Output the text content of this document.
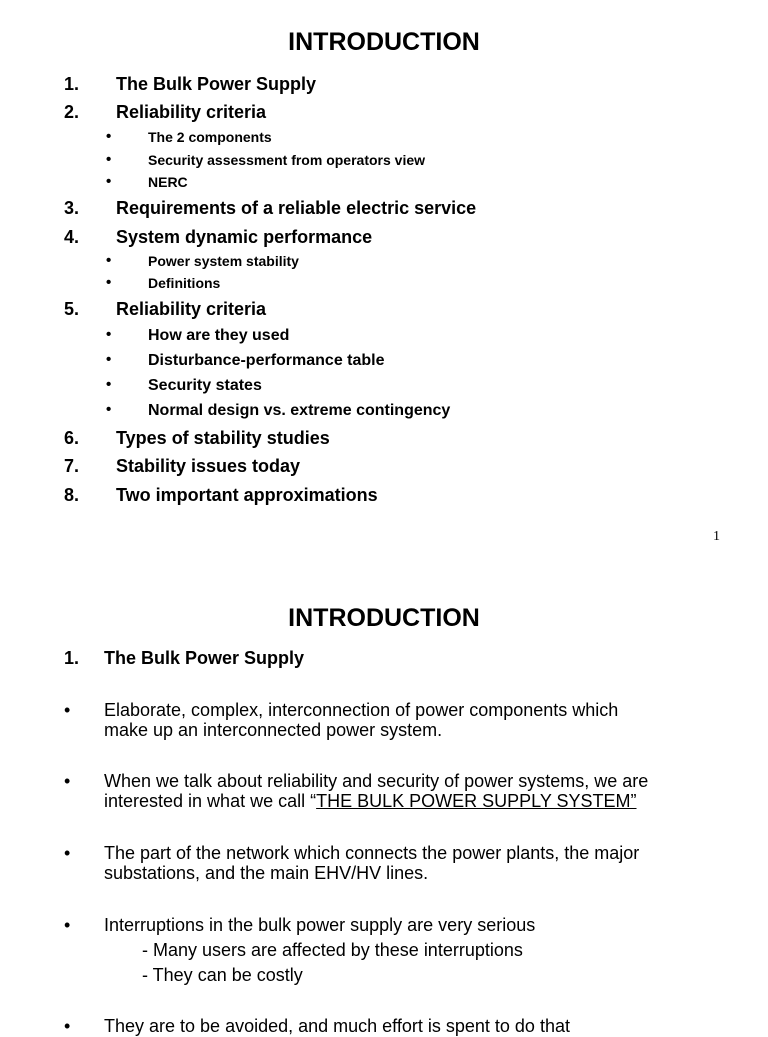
INTRODUCTION
1. The Bulk Power Supply
2. Reliability criteria
•	The 2 components
•	Security assessment from operators view
•	NERC
3. Requirements of a reliable electric service
4. System dynamic performance
•	Power system stability
•	Definitions
5. Reliability criteria
• How are they used
• Disturbance-performance table
• Security states
• Normal design vs. extreme contingency
6. Types of stability studies
7. Stability issues today
8. Two important approximations
1
INTRODUCTION
1. The Bulk Power Supply
• Elaborate, complex, interconnection of power components which
make up an interconnected power system.
• When we talk about reliability and security of power systems, we are
interested in what we call “THE BULK POWER SUPPLY SYSTEM”
• The part of the network which connects the power plants, the major
substations, and the main EHV/HV lines.
• Interruptions in the bulk power supply are very serious
- Many users are affected by these interruptions
- They can be costly
• They are to be avoided, and much effort is spent to do that
